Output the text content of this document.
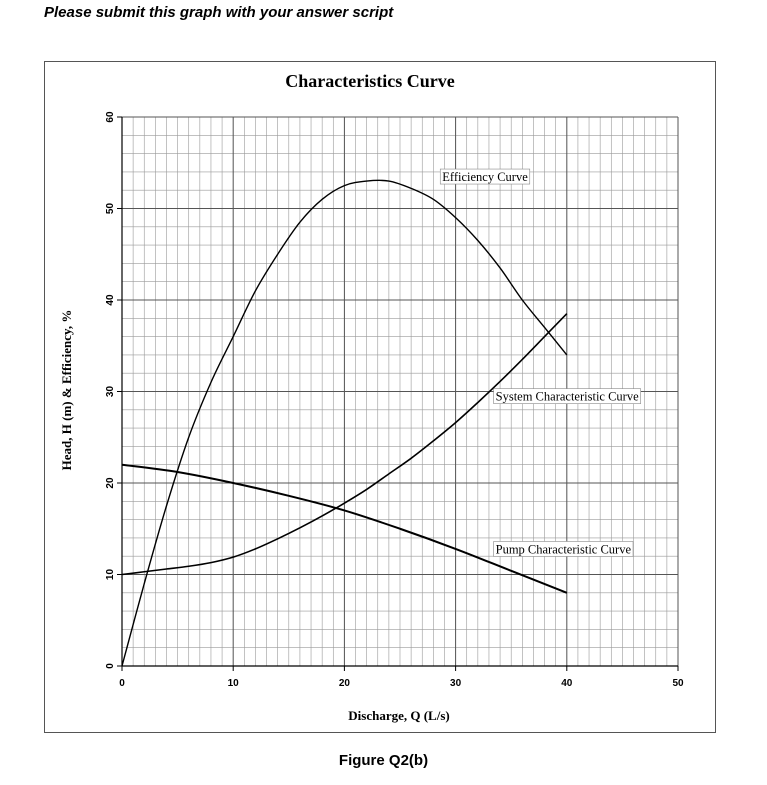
Please submit this graph with your answer script
0	10	20	30	40	50
0
10
20
30
40
50
60
Efficiency Curve
System Characteristic Curve
Pump Characteristic Curve
Characteristics Curve
Discharge, Q (L/s)
Head, H (m) & Efficiency, %
Figure Q2(b)
